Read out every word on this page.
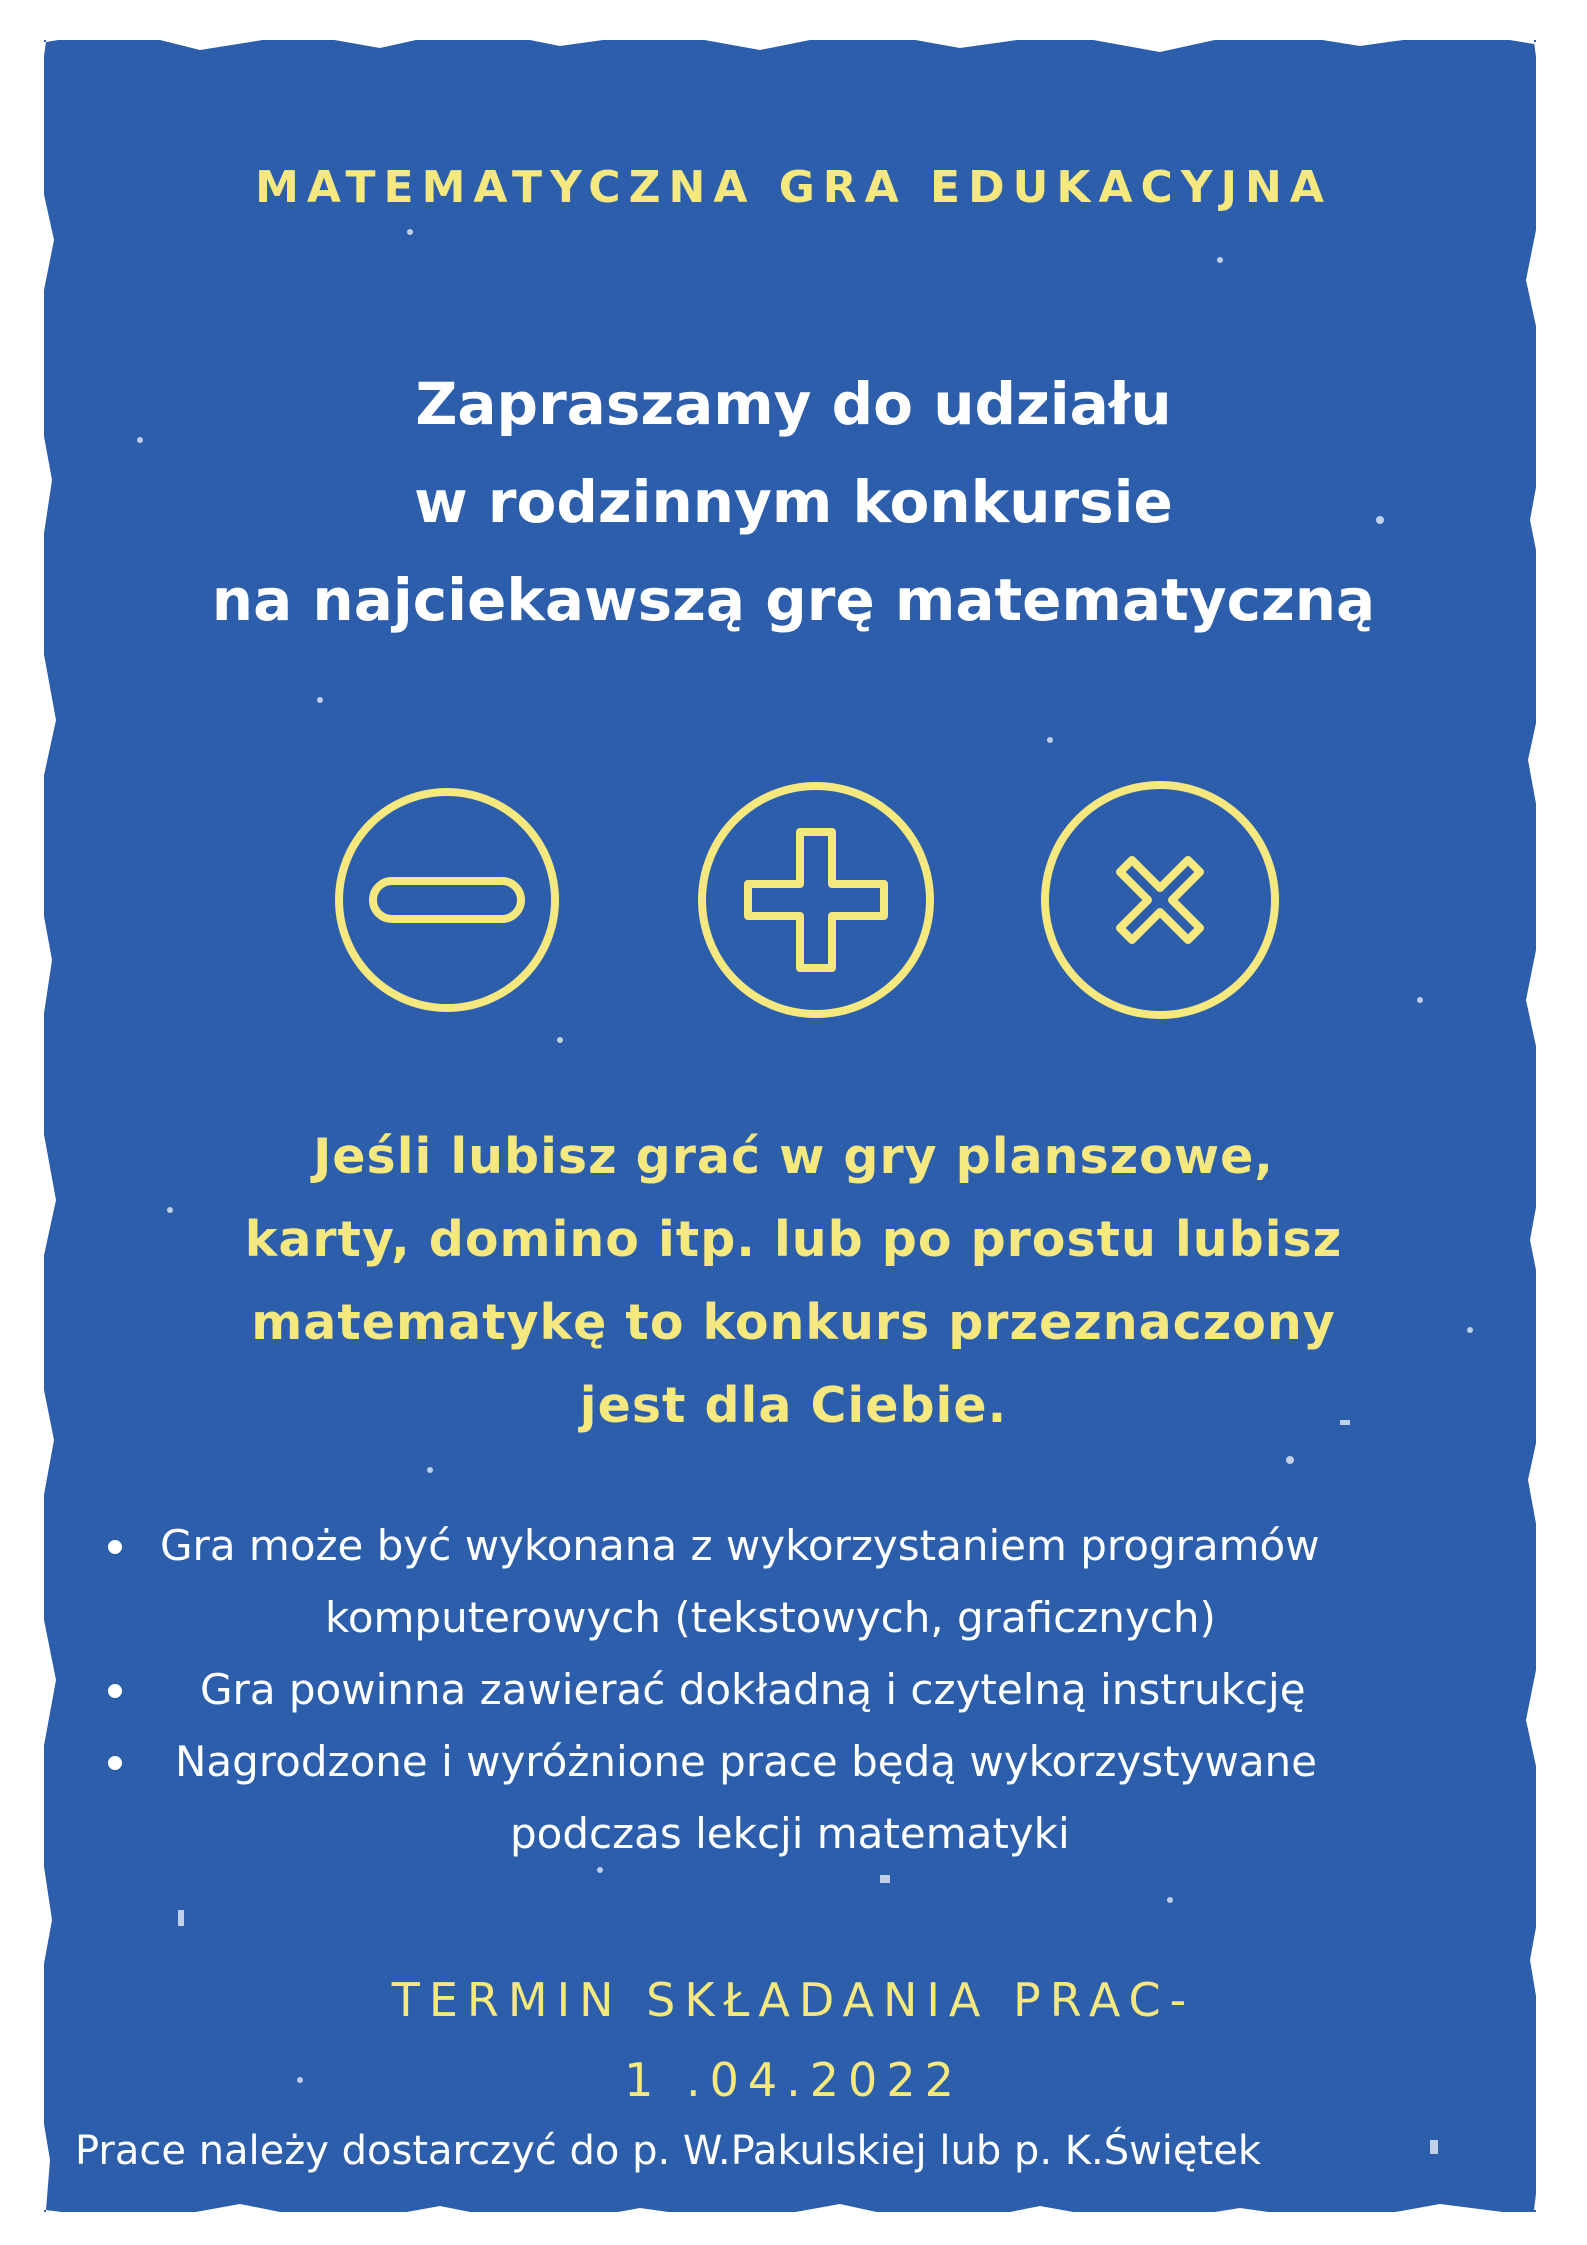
MATEMATYCZNA GRA EDUKACYJNA
Zapraszamy do udziału
w rodzinnym konkursie
na najciekawszą grę matematyczną
Jeśli lubisz grać w gry planszowe,
karty, domino itp. lub po prostu lubisz
matematykę to konkurs przeznaczony
jest dla Ciebie.
Gra może być wykonana z wykorzystaniem programów
komputerowych (tekstowych, graficznych)
Gra powinna zawierać dokładną i czytelną instrukcję
Nagrodzone i wyróżnione prace będą wykorzystywane
podczas lekcji matematyki
TERMIN SKŁADANIA PRAC-
1 .04.2022
Prace należy dostarczyć do p. W.Pakulskiej lub p. K.Świętek
